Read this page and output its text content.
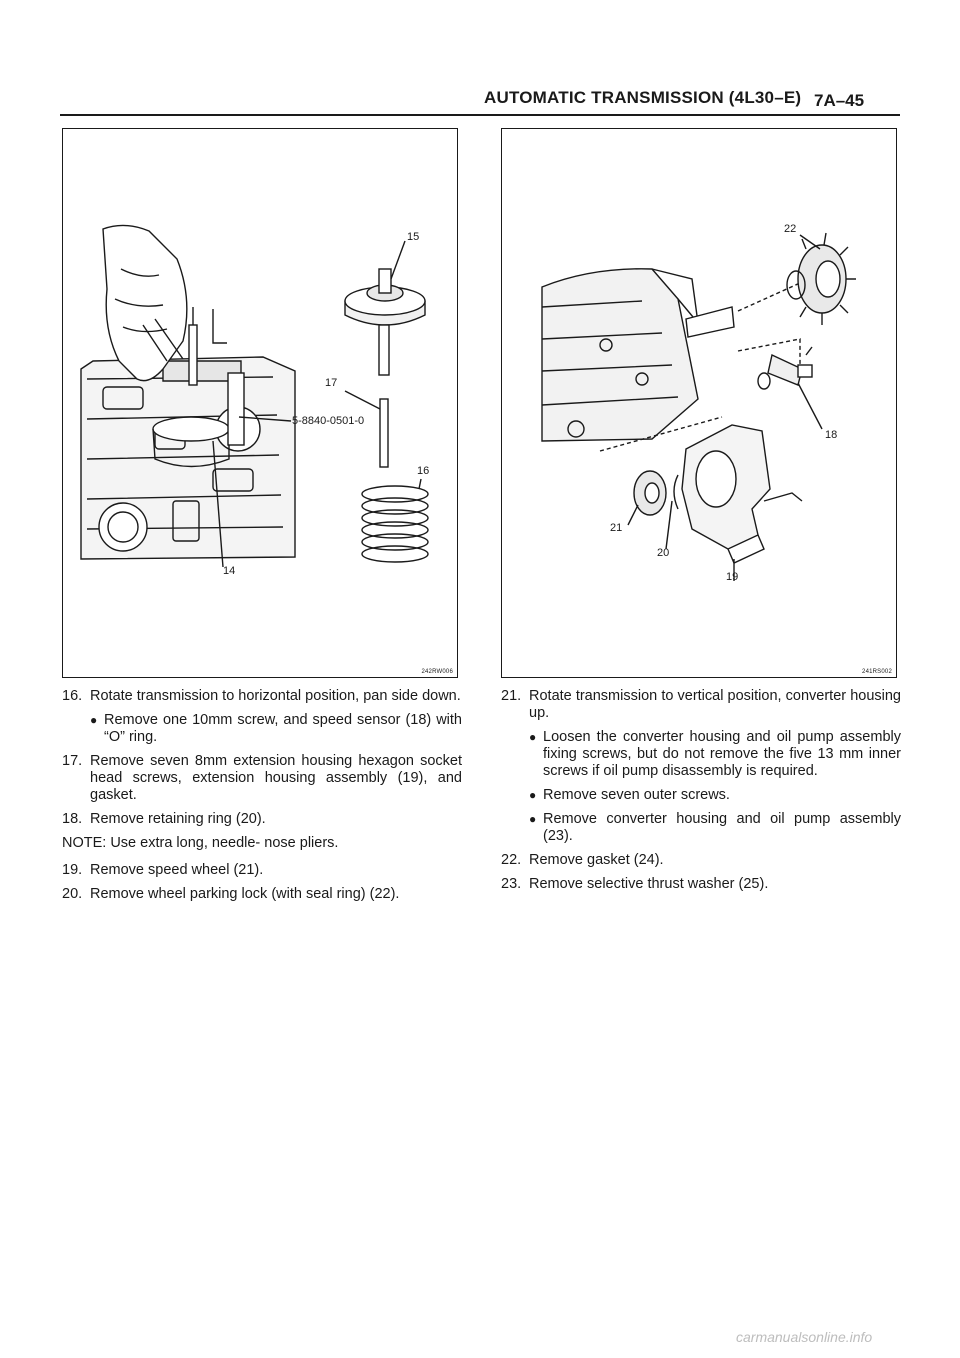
AUTOMATIC TRANSMISSION (4L30–E) 7A–45
15
17
5-8840-0501-0
16
14
242RW006
22
18
21
20
19
241RS002
16. Rotate transmission to horizontal position, pan side down.
● Remove one 10mm screw, and speed sensor (18) with “O” ring.
17. Remove seven 8mm extension housing hexagon socket head screws, extension housing assembly (19), and gasket.
18. Remove retaining ring (20).
NOTE: Use extra long, needle- nose pliers.
19. Remove speed wheel (21).
20. Remove wheel parking lock (with seal ring) (22).
21. Rotate transmission to vertical position, converter housing up.
● Loosen the converter housing and oil pump assembly fixing screws, but do not remove the five 13 mm inner screws if oil pump disassembly is required.
● Remove seven outer screws.
● Remove converter housing and oil pump assembly (23).
22. Remove gasket (24).
23. Remove selective thrust washer (25).
carmanualsonline.info
